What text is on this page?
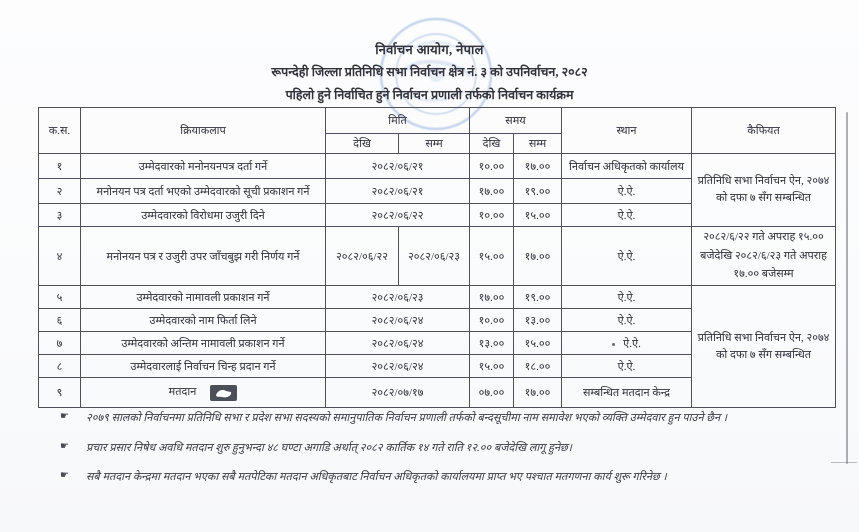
निर्वाचन आयोग, नेपाल
रूपन्देही जिल्ला प्रतिनिधि सभा निर्वाचन क्षेत्र नं. ३ को उपनिर्वाचन, २०८२
पहिलो हुने निर्वाचित हुने निर्वाचन प्रणाली तर्फको निर्वाचन कार्यक्रम
क.स.	क्रियाकलाप	मिति		समय		स्थान	कैफियत
		देखि	सम्म	देखि	सम्म		
१	उम्मेदवारको मनोनयनपत्र दर्ता गर्ने	२०८२/०६/२१		१०.००	१७.००	निर्वाचन अधिकृतको कार्यालय	प्रतिनिधि सभा निर्वाचन ऐन, २०७४ को दफा ७ सँग सम्बन्धित
२	मनोनयन पत्र दर्ता भएको उम्मेदवारको सूची प्रकाशन गर्ने	२०८२/०६/२१		१७.००	१९.००	ऐ.ऐ.	
३	उम्मेदवारको विरोधमा उजुरी दिने	२०८२/०६/२२		१०.००	१५.००	ऐ.ऐ.	
४	मनोनयन पत्र र उजुरी उपर जाँचबुझ गरी निर्णय गर्ने	२०८२/०६/२२	२०८२/०६/२३	१५.००	१७.००	ऐ.ऐ.	२०८२/६/२२ गते अपराह १५.०० बजेदेखि २०८२/६/२३ गते अपराह १७.०० बजेसम्म
५	उम्मेदवारको नामावली प्रकाशन गर्ने	२०८२/०६/२३		१७.००	१९.००	ऐ.ऐ.	प्रतिनिधि सभा निर्वाचन ऐन, २०७४ को दफा ७ सँग सम्बन्धित
६	उम्मेदवारको नाम फिर्ता लिने	२०८२/०६/२४		१०.००	१३.००	ऐ.ऐ.	
७	उम्मेदवारको अन्तिम नामावली प्रकाशन गर्ने	२०८२/०६/२४		१३.००	१५.००	ऐ.ऐ.	
८	उम्मेदवारलाई निर्वाचन चिन्ह प्रदान गर्ने	२०८२/०६/२४		१५.००	१८.००	ऐ.ऐ.	
९	मतदान	२०८२/०७/१७		०७.००	१७.००	सम्बन्धित मतदान केन्द्र	
☛	२०७९ सालको निर्वाचनमा प्रतिनिधि सभा र प्रदेश सभा सदस्यको समानुपातिक निर्वाचन प्रणाली तर्फको बन्दसूचीमा नाम समावेश भएको व्यक्ति उम्मेदवार हुन पाउने छैन ।
☛	प्रचार प्रसार निषेध अवधि मतदान शुरु हुनुभन्दा ४८ घण्टा अगाडि अर्थात् २०८२ कार्तिक १४ गते राति १२.०० बजेदेखि लागू हुनेछ।
☛	सबै मतदान केन्द्रमा मतदान भएका सबै मतपेटिका मतदान अधिकृतबाट निर्वाचन अधिकृतको कार्यालयमा प्राप्त भए पश्चात मतगणना कार्य शुरू गरिनेछ ।
